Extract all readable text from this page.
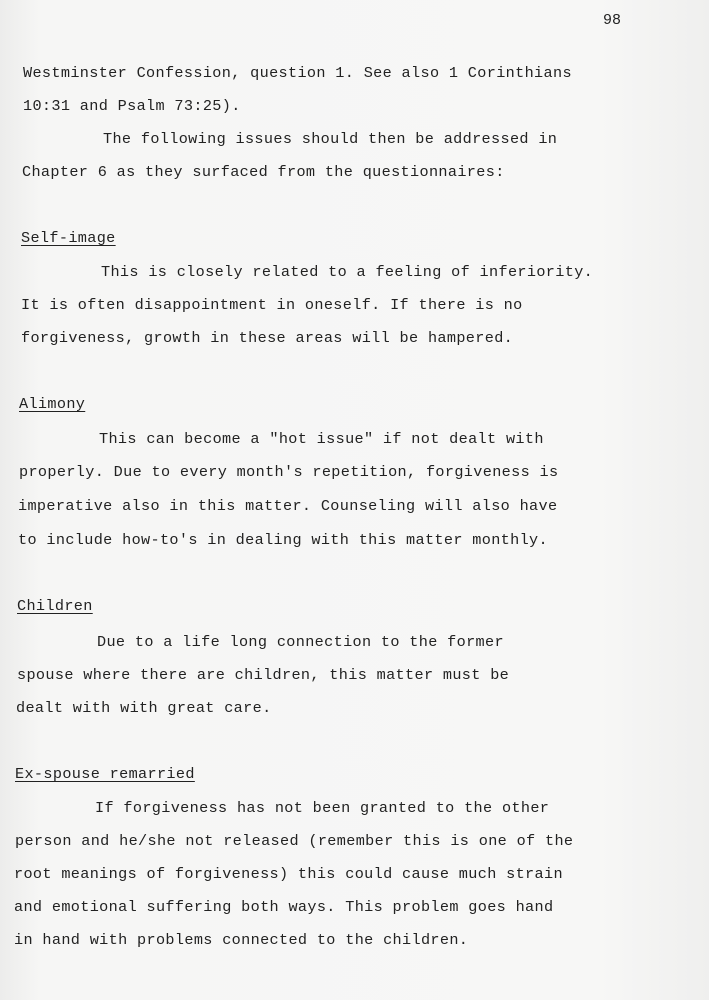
98
Westminster Confession, question 1. See also 1 Corinthians
10:31 and Psalm 73:25).
The following issues should then be addressed in
Chapter 6 as they surfaced from the questionnaires:
Self-image
This is closely related to a feeling of inferiority.
It is often disappointment in oneself. If there is no
forgiveness, growth in these areas will be hampered.
Alimony
This can become a "hot issue" if not dealt with
properly. Due to every month's repetition, forgiveness is
imperative also in this matter. Counseling will also have
to include how-to's in dealing with this matter monthly.
Children
Due to a life long connection to the former
spouse where there are children, this matter must be
dealt with with great care.
Ex-spouse remarried
If forgiveness has not been granted to the other
person and he/she not released (remember this is one of the
root meanings of forgiveness) this could cause much strain
and emotional suffering both ways. This problem goes hand
in hand with problems connected to the children.
